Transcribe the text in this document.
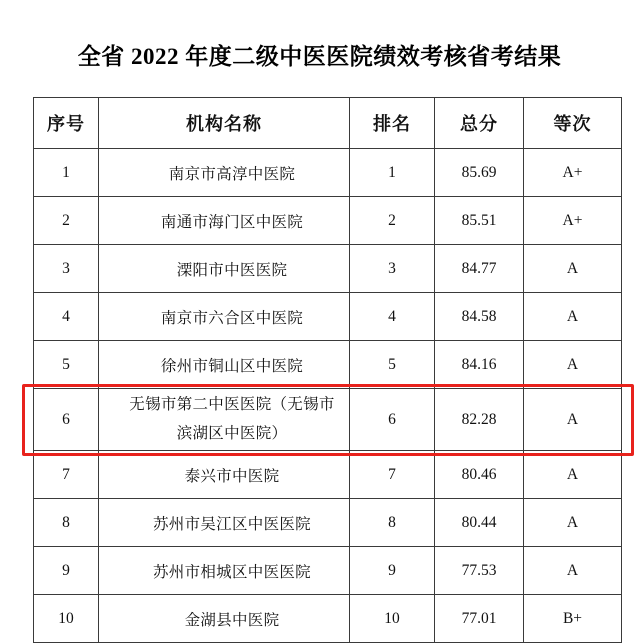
全省 2022 年度二级中医医院绩效考核省考结果
序号	机构名称	排名	总分	等次
1	南京市高淳中医院	1	85.69	A+
2	南通市海门区中医院	2	85.51	A+
3	溧阳市中医医院	3	84.77	A
4	南京市六合区中医院	4	84.58	A
5	徐州市铜山区中医院	5	84.16	A
6	无锡市第二中医医院（无锡市
滨湖区中医院）	6	82.28	A
7	泰兴市中医院	7	80.46	A
8	苏州市吴江区中医医院	8	80.44	A
9	苏州市相城区中医医院	9	77.53	A
10	金湖县中医院	10	77.01	B+
